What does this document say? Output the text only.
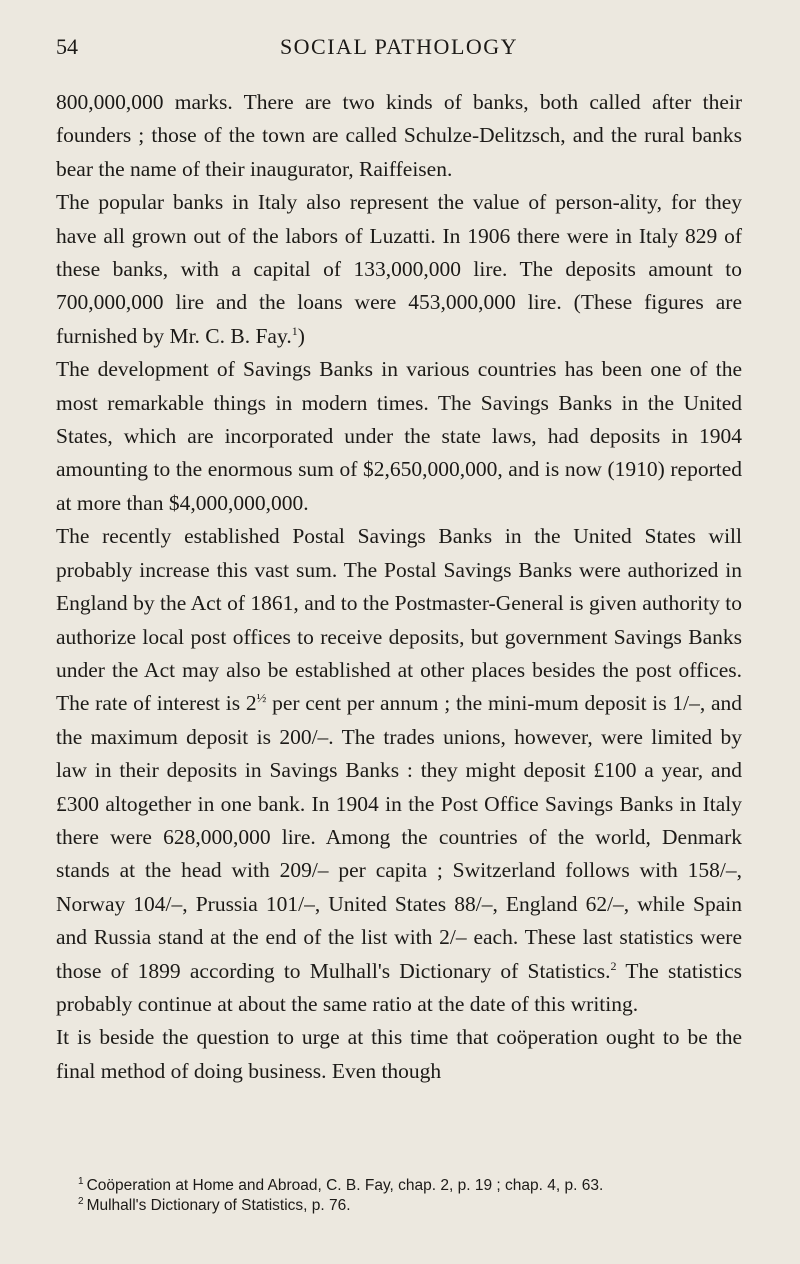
54	SOCIAL PATHOLOGY

800,000,000 marks. There are two kinds of banks, both called after their founders ; those of the town are called Schulze-Delitzsch, and the rural banks bear the name of their inaugurator, Raiffeisen.

The popular banks in Italy also represent the value of person-ality, for they have all grown out of the labors of Luzatti. In 1906 there were in Italy 829 of these banks, with a capital of 133,000,000 lire. The deposits amount to 700,000,000 lire and the loans were 453,000,000 lire. (These figures are furnished by Mr. C. B. Fay.$^1$)

The development of Savings Banks in various countries has been one of the most remarkable things in modern times. The Savings Banks in the United States, which are incorporated under the state laws, had deposits in 1904 amounting to the enormous sum of $2,650,000,000, and is now (1910) reported at more than $4,000,000,000.

The recently established Postal Savings Banks in the United States will probably increase this vast sum. The Postal Savings Banks were authorized in England by the Act of 1861, and to the Postmaster-General is given authority to authorize local post offices to receive deposits, but government Savings Banks under the Act may also be established at other places besides the post offices. The rate of interest is $2^{\frac{1}{2}}$ per cent per annum ; the mini-mum deposit is 1/–, and the maximum deposit is 200/–. The trades unions, however, were limited by law in their deposits in Savings Banks : they might deposit £100 a year, and £300 altogether in one bank. In 1904 in the Post Office Savings Banks in Italy there were 628,000,000 lire. Among the countries of the world, Denmark stands at the head with 209/– per capita ; Switzerland follows with 158/–, Norway 104/–, Prussia 101/–, United States 88/–, England 62/–, while Spain and Russia stand at the end of the list with 2/– each. These last statistics were those of 1899 according to Mulhall's Dictionary of Statistics.$^2$ The statistics probably continue at about the same ratio at the date of this writing.

It is beside the question to urge at this time that coöperation ought to be the final method of doing business. Even though

$^1$ Coöperation at Home and Abroad, C. B. Fay, chap. 2, p. 19 ; chap. 4, p. 63.

$^2$ Mulhall's Dictionary of Statistics, p. 76.
